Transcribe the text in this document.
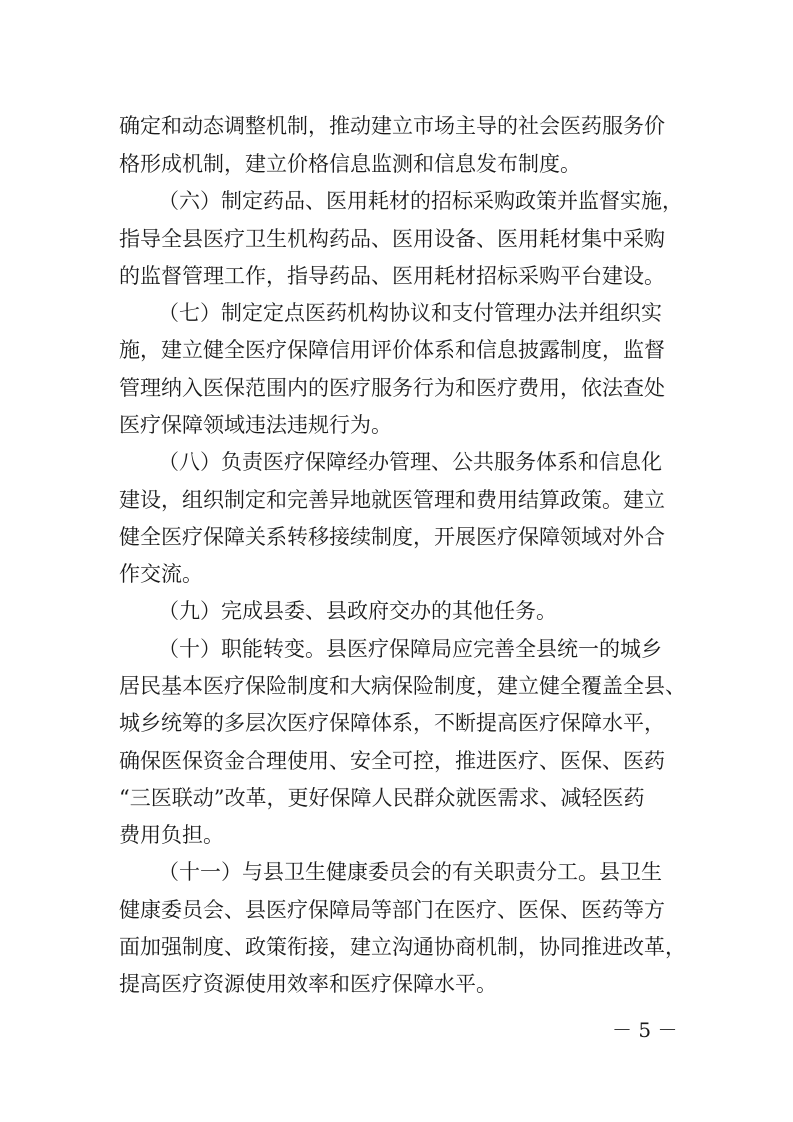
确定和动态调整机制，推动建立市场主导的社会医药服务价
格形成机制，建立价格信息监测和信息发布制度。
（六）制定药品、医用耗材的招标采购政策并监督实施，
指导全县医疗卫生机构药品、医用设备、医用耗材集中采购
的监督管理工作，指导药品、医用耗材招标采购平台建设。
（七）制定定点医药机构协议和支付管理办法并组织实
施，建立健全医疗保障信用评价体系和信息披露制度，监督
管理纳入医保范围内的医疗服务行为和医疗费用，依法查处
医疗保障领域违法违规行为。
（八）负责医疗保障经办管理、公共服务体系和信息化
建设，组织制定和完善异地就医管理和费用结算政策。建立
健全医疗保障关系转移接续制度，开展医疗保障领域对外合
作交流。
（九）完成县委、县政府交办的其他任务。
（十）职能转变。县医疗保障局应完善全县统一的城乡
居民基本医疗保险制度和大病保险制度，建立健全覆盖全县、
城乡统筹的多层次医疗保障体系，不断提高医疗保障水平，
确保医保资金合理使用、安全可控，推进医疗、医保、医药
“三医联动”改革，更好保障人民群众就医需求、减轻医药
费用负担。
（十一）与县卫生健康委员会的有关职责分工。县卫生
健康委员会、县医疗保障局等部门在医疗、医保、医药等方
面加强制度、政策衔接，建立沟通协商机制，协同推进改革，
提高医疗资源使用效率和医疗保障水平。
－ 5 －
